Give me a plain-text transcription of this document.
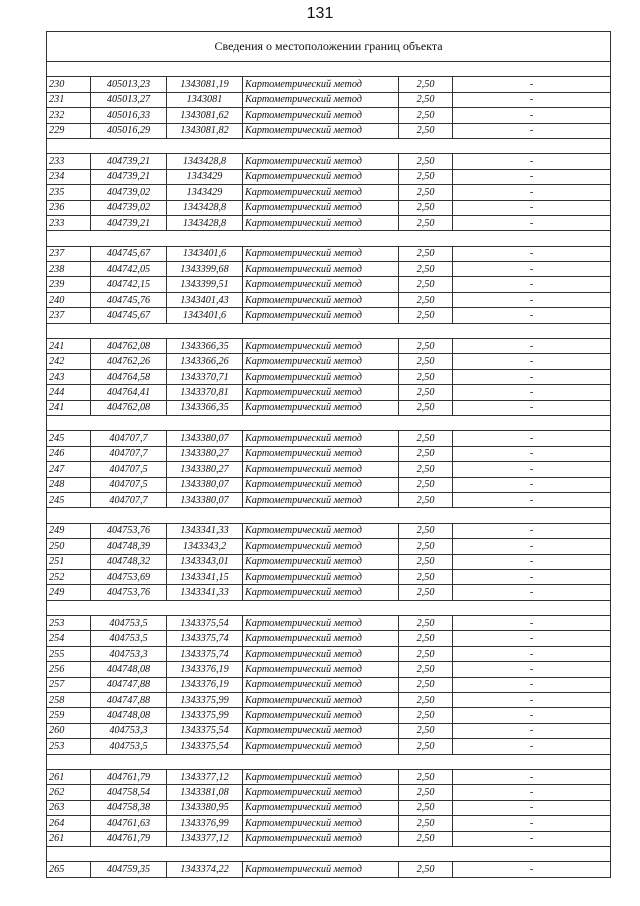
131
Сведения о местоположении границ объекта					

230	405013,23	1343081,19	Картометрический метод	2,50	-
231	405013,27	1343081	Картометрический метод	2,50	-
232	405016,33	1343081,62	Картометрический метод	2,50	-
229	405016,29	1343081,82	Картометрический метод	2,50	-

233	404739,21	1343428,8	Картометрический метод	2,50	-
234	404739,21	1343429	Картометрический метод	2,50	-
235	404739,02	1343429	Картометрический метод	2,50	-
236	404739,02	1343428,8	Картометрический метод	2,50	-
233	404739,21	1343428,8	Картометрический метод	2,50	-

237	404745,67	1343401,6	Картометрический метод	2,50	-
238	404742,05	1343399,68	Картометрический метод	2,50	-
239	404742,15	1343399,51	Картометрический метод	2,50	-
240	404745,76	1343401,43	Картометрический метод	2,50	-
237	404745,67	1343401,6	Картометрический метод	2,50	-

241	404762,08	1343366,35	Картометрический метод	2,50	-
242	404762,26	1343366,26	Картометрический метод	2,50	-
243	404764,58	1343370,71	Картометрический метод	2,50	-
244	404764,41	1343370,81	Картометрический метод	2,50	-
241	404762,08	1343366,35	Картометрический метод	2,50	-

245	404707,7	1343380,07	Картометрический метод	2,50	-
246	404707,7	1343380,27	Картометрический метод	2,50	-
247	404707,5	1343380,27	Картометрический метод	2,50	-
248	404707,5	1343380,07	Картометрический метод	2,50	-
245	404707,7	1343380,07	Картометрический метод	2,50	-

249	404753,76	1343341,33	Картометрический метод	2,50	-
250	404748,39	1343343,2	Картометрический метод	2,50	-
251	404748,32	1343343,01	Картометрический метод	2,50	-
252	404753,69	1343341,15	Картометрический метод	2,50	-
249	404753,76	1343341,33	Картометрический метод	2,50	-

253	404753,5	1343375,54	Картометрический метод	2,50	-
254	404753,5	1343375,74	Картометрический метод	2,50	-
255	404753,3	1343375,74	Картометрический метод	2,50	-
256	404748,08	1343376,19	Картометрический метод	2,50	-
257	404747,88	1343376,19	Картометрический метод	2,50	-
258	404747,88	1343375,99	Картометрический метод	2,50	-
259	404748,08	1343375,99	Картометрический метод	2,50	-
260	404753,3	1343375,54	Картометрический метод	2,50	-
253	404753,5	1343375,54	Картометрический метод	2,50	-

261	404761,79	1343377,12	Картометрический метод	2,50	-
262	404758,54	1343381,08	Картометрический метод	2,50	-
263	404758,38	1343380,95	Картометрический метод	2,50	-
264	404761,63	1343376,99	Картометрический метод	2,50	-
261	404761,79	1343377,12	Картометрический метод	2,50	-

265	404759,35	1343374,22	Картометрический метод	2,50	-
